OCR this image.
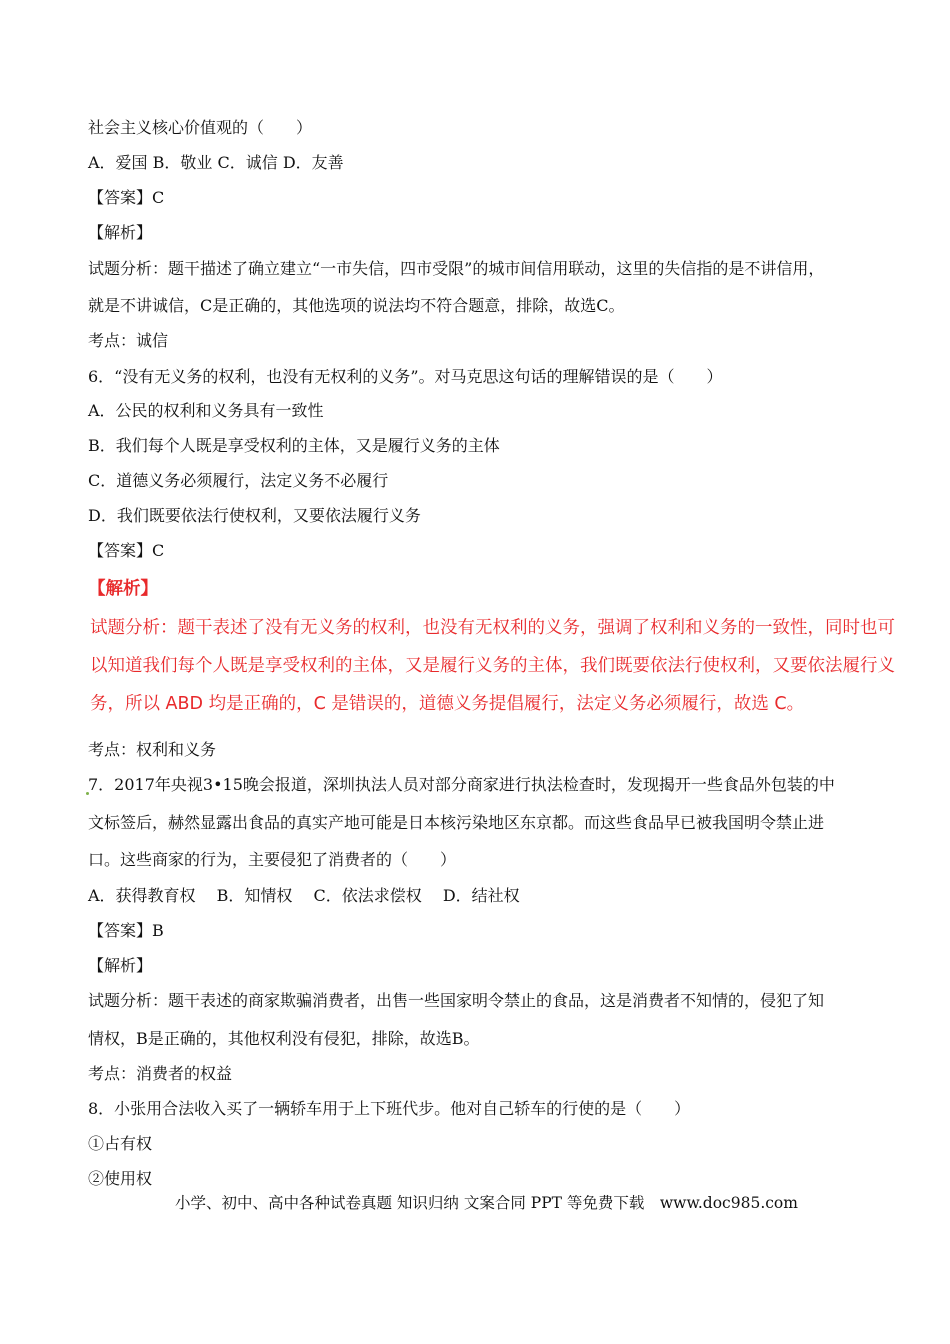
社会主义核心价值观的（　　）
A．爱国 B．敬业 C．诚信 D．友善
【答案】C
【解析】
试题分析：题干描述了确立建立“一市失信，四市受限”的城市间信用联动，这里的失信指的是不讲信用，
就是不讲诚信，C是正确的，其他选项的说法均不符合题意，排除，故选C。
考点：诚信
6．“没有无义务的权利，也没有无权利的义务”。对马克思这句话的理解错误的是（　　）
A．公民的权利和义务具有一致性
B．我们每个人既是享受权利的主体，又是履行义务的主体
C．道德义务必须履行，法定义务不必履行
D．我们既要依法行使权利，又要依法履行义务
【答案】C
【解析】
试题分析：题干表述了没有无义务的权利，也没有无权利的义务，强调了权利和义务的一致性，同时也可
以知道我们每个人既是享受权利的主体，又是履行义务的主体，我们既要依法行使权利，又要依法履行义
务，所以 ABD 均是正确的，C 是错误的，道德义务提倡履行，法定义务必须履行，故选 C。
考点：权利和义务
7．2017年央视3•15晚会报道，深圳执法人员对部分商家进行执法检查时，发现揭开一些食品外包装的中
文标签后，赫然显露出食品的真实产地可能是日本核污染地区东京都。而这些食品早已被我国明令禁止进
口。这些商家的行为，主要侵犯了消费者的（　　）
A．获得教育权　 B．知情权　 C．依法求偿权　 D．结社权
【答案】B
【解析】
试题分析：题干表述的商家欺骗消费者，出售一些国家明令禁止的食品，这是消费者不知情的，侵犯了知
情权，B是正确的，其他权利没有侵犯，排除，故选B。
考点：消费者的权益
8．小张用合法收入买了一辆轿车用于上下班代步。他对自己轿车的行使的是（　　）
①占有权
②使用权
小学、初中、高中各种试卷真题 知识归纳 文案合同 PPT 等免费下载　www.doc985.com
